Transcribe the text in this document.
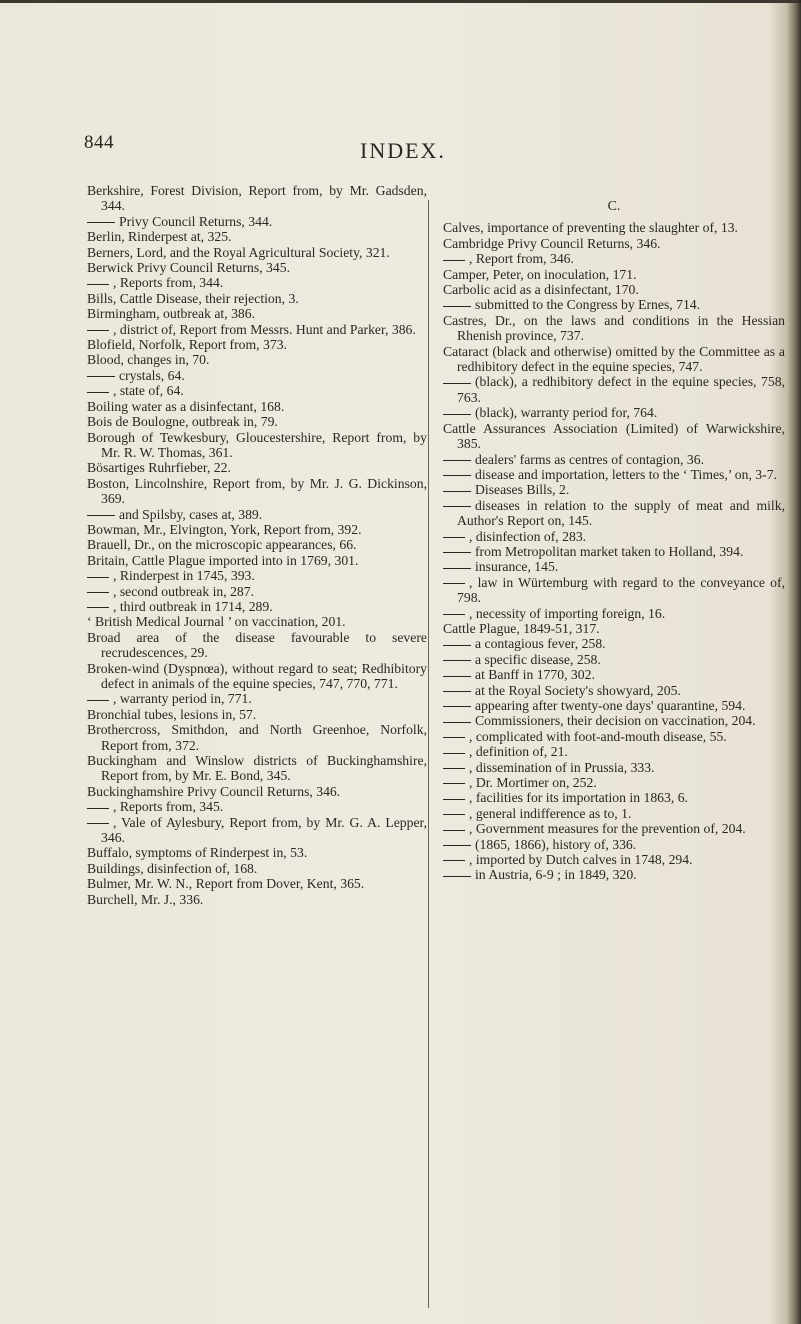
844	INDEX.

Berkshire, Forest Division, Report from, by Mr. Gadsden, 344.

Privy Council Returns, 344.

Berlin, Rinderpest at, 325.

Berners, Lord, and the Royal Agricultural Society, 321.

Berwick Privy Council Returns, 345.

, Reports from, 344.

Bills, Cattle Disease, their rejection, 3.

Birmingham, outbreak at, 386.

, district of, Report from Messrs. Hunt and Parker, 386.

Blofield, Norfolk, Report from, 373.

Blood, changes in, 70.

crystals, 64.

, state of, 64.

Boiling water as a disinfectant, 168.

Bois de Boulogne, outbreak in, 79.

Borough of Tewkesbury, Gloucestershire, Report from, by Mr. R. W. Thomas, 361.

Bösartiges Ruhrfieber, 22.

Boston, Lincolnshire, Report from, by Mr. J. G. Dickinson, 369.

and Spilsby, cases at, 389.

Bowman, Mr., Elvington, York, Report from, 392.

Brauell, Dr., on the microscopic appearances, 66.

Britain, Cattle Plague imported into in 1769, 301.

, Rinderpest in 1745, 393.

, second outbreak in, 287.

, third outbreak in 1714, 289.

‘ British Medical Journal ’ on vaccination, 201.

Broad area of the disease favourable to severe recrudescences, 29.

Broken-wind (Dyspnœa), without regard to seat; Redhibitory defect in animals of the equine species, 747, 770, 771.

, warranty period in, 771.

Bronchial tubes, lesions in, 57.

Brothercross, Smithdon, and North Greenhoe, Norfolk, Report from, 372.

Buckingham and Winslow districts of Buckinghamshire, Report from, by Mr. E. Bond, 345.

Buckinghamshire Privy Council Returns, 346.

, Reports from, 345.

, Vale of Aylesbury, Report from, by Mr. G. A. Lepper, 346.

Buffalo, symptoms of Rinderpest in, 53.

Buildings, disinfection of, 168.

Bulmer, Mr. W. N., Report from Dover, Kent, 365.

Burchell, Mr. J., 336.

C.

Calves, importance of preventing the slaughter of, 13.

Cambridge Privy Council Returns, 346.

, Report from, 346.

Camper, Peter, on inoculation, 171.

Carbolic acid as a disinfectant, 170.

submitted to the Congress by Ernes, 714.

Castres, Dr., on the laws and conditions in the Hessian Rhenish province, 737.

Cataract (black and otherwise) omitted by the Committee as a redhibitory defect in the equine species, 747.

(black), a redhibitory defect in the equine species, 758, 763.

(black), warranty period for, 764.

Cattle Assurances Association (Limited) of Warwickshire, 385.

dealers' farms as centres of contagion, 36.

disease and importation, letters to the ‘ Times,’ on, 3-7.

Diseases Bills, 2.

diseases in relation to the supply of meat and milk, Author's Report on, 145.

, disinfection of, 283.

from Metropolitan market taken to Holland, 394.

insurance, 145.

, law in Würtemburg with regard to the conveyance of, 798.

, necessity of importing foreign, 16.

Cattle Plague, 1849-51, 317.

a contagious fever, 258.

a specific disease, 258.

at Banff in 1770, 302.

at the Royal Society's showyard, 205.

appearing after twenty-one days' quarantine, 594.

Commissioners, their decision on vaccination, 204.

, complicated with foot-and-mouth disease, 55.

, definition of, 21.

, dissemination of in Prussia, 333.

, Dr. Mortimer on, 252.

, facilities for its importation in 1863, 6.

, general indifference as to, 1.

, Government measures for the prevention of, 204.

(1865, 1866), history of, 336.

, imported by Dutch calves in 1748, 294.

in Austria, 6-9 ; in 1849, 320.
